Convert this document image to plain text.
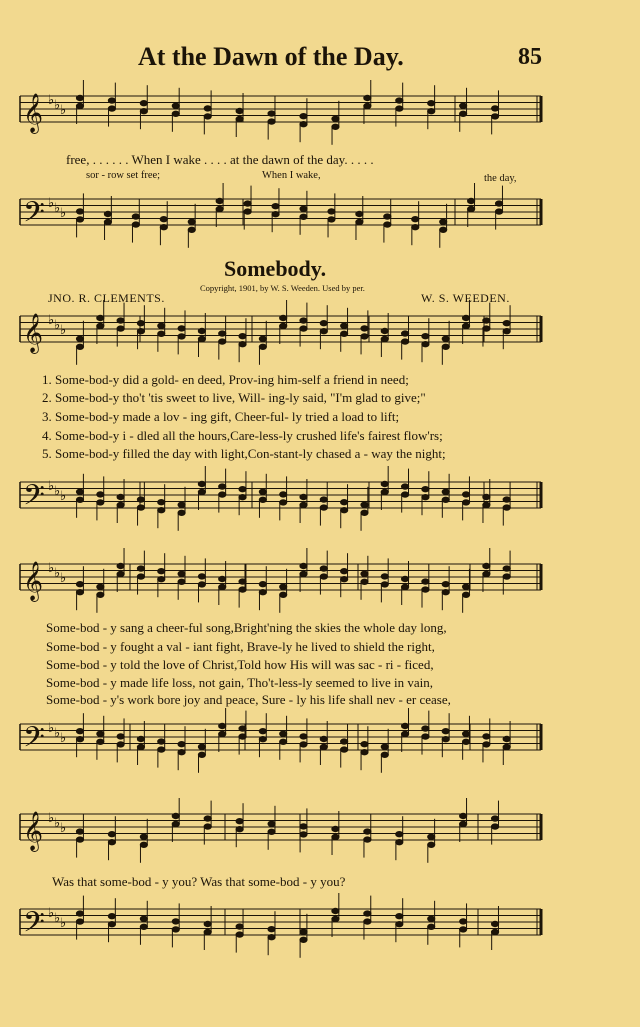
At the Dawn of the Day.	85
𝄞 ♭ ♭ ♭
𝄢 ♭ ♭ ♭
𝄞 ♭ ♭ ♭
𝄢 ♭ ♭ ♭
𝄞 ♭ ♭ ♭
𝄢 ♭ ♭ ♭
𝄞 ♭ ♭ ♭
𝄢 ♭ ♭ ♭
free, . . . . . . When I wake . . . . at the dawn of the day. . . . .
sor - row set free;	When I wake,	the day,
Somebody.
Copyright, 1901, by W. S. Weeden. Used by per.
JNO. R. CLEMENTS.	W. S. WEEDEN.
1. Some-bod-y did a gold- en deed, Prov-ing him-self a friend in need;
2. Some-bod-y tho't 'tis sweet to live, Will- ing-ly said, "I'm glad to give;"
3. Some-bod-y made a lov - ing gift, Cheer-ful- ly tried a load to lift;
4. Some-bod-y i - dled all the hours,Care-less-ly crushed life's fairest flow'rs;
5. Some-bod-y filled the day with light,Con-stant-ly chased a - way the night;
Some-bod - y sang a cheer-ful song,Bright'ning the skies the whole day long,
Some-bod - y fought a val - iant fight, Brave-ly he lived to shield the right,
Some-bod - y told the love of Christ,Told how His will was sac - ri - ficed,
Some-bod - y made life loss, not gain, Tho't-less-ly seemed to live in vain,
Some-bod - y's work bore joy and peace, Sure - ly his life shall nev - er cease,
Was that some-bod - y you? Was that some-bod - y you?
